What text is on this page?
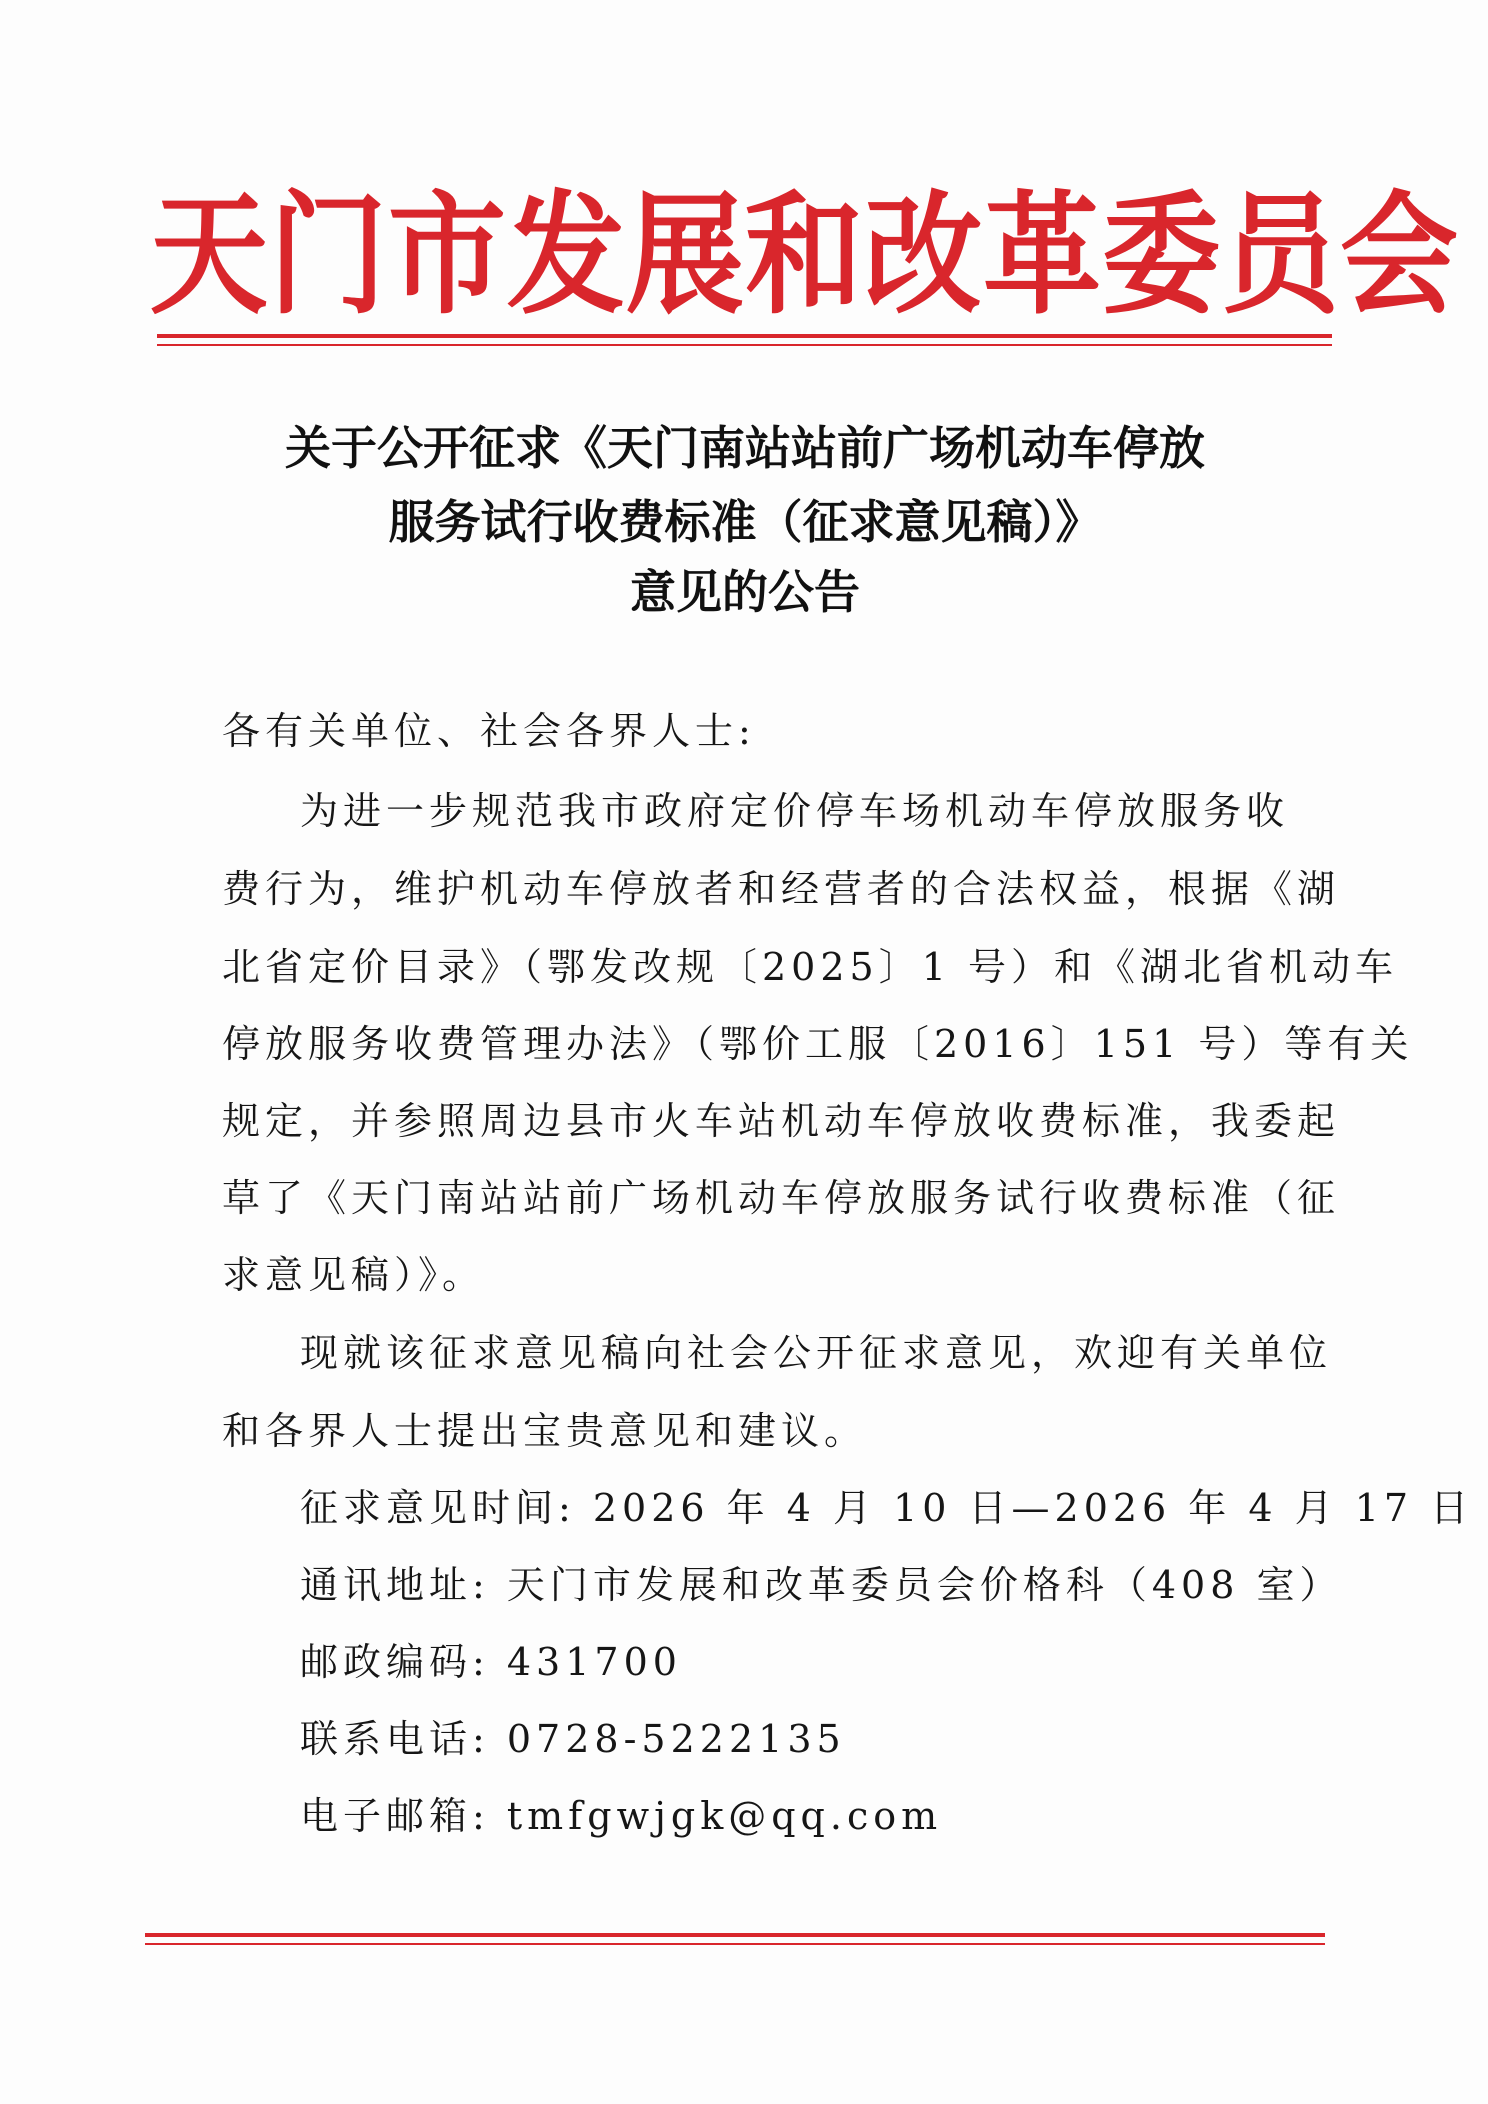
天门市发展和改革委员会
关于公开征求《天门南站站前广场机动车停放
服务试行收费标准（征求意见稿）》
意见的公告
各有关单位、社会各界人士:
为进一步规范我市政府定价停车场机动车停放服务收
费行为，维护机动车停放者和经营者的合法权益，根据《湖
北省定价目录》（鄂发改规〔2025〕1 号）和《湖北省机动车
停放服务收费管理办法》（鄂价工服〔2016〕151 号）等有关
规定，并参照周边县市火车站机动车停放收费标准，我委起
草了《天门南站站前广场机动车停放服务试行收费标准（征
求意见稿）》。
现就该征求意见稿向社会公开征求意见，欢迎有关单位
和各界人士提出宝贵意见和建议。
征求意见时间: 2026 年 4 月 10 日—2026 年 4 月 17 日
通讯地址: 天门市发展和改革委员会价格科（408 室）
邮政编码: 431700
联系电话: 0728-5222135
电子邮箱: tmfgwjgk@qq.com
